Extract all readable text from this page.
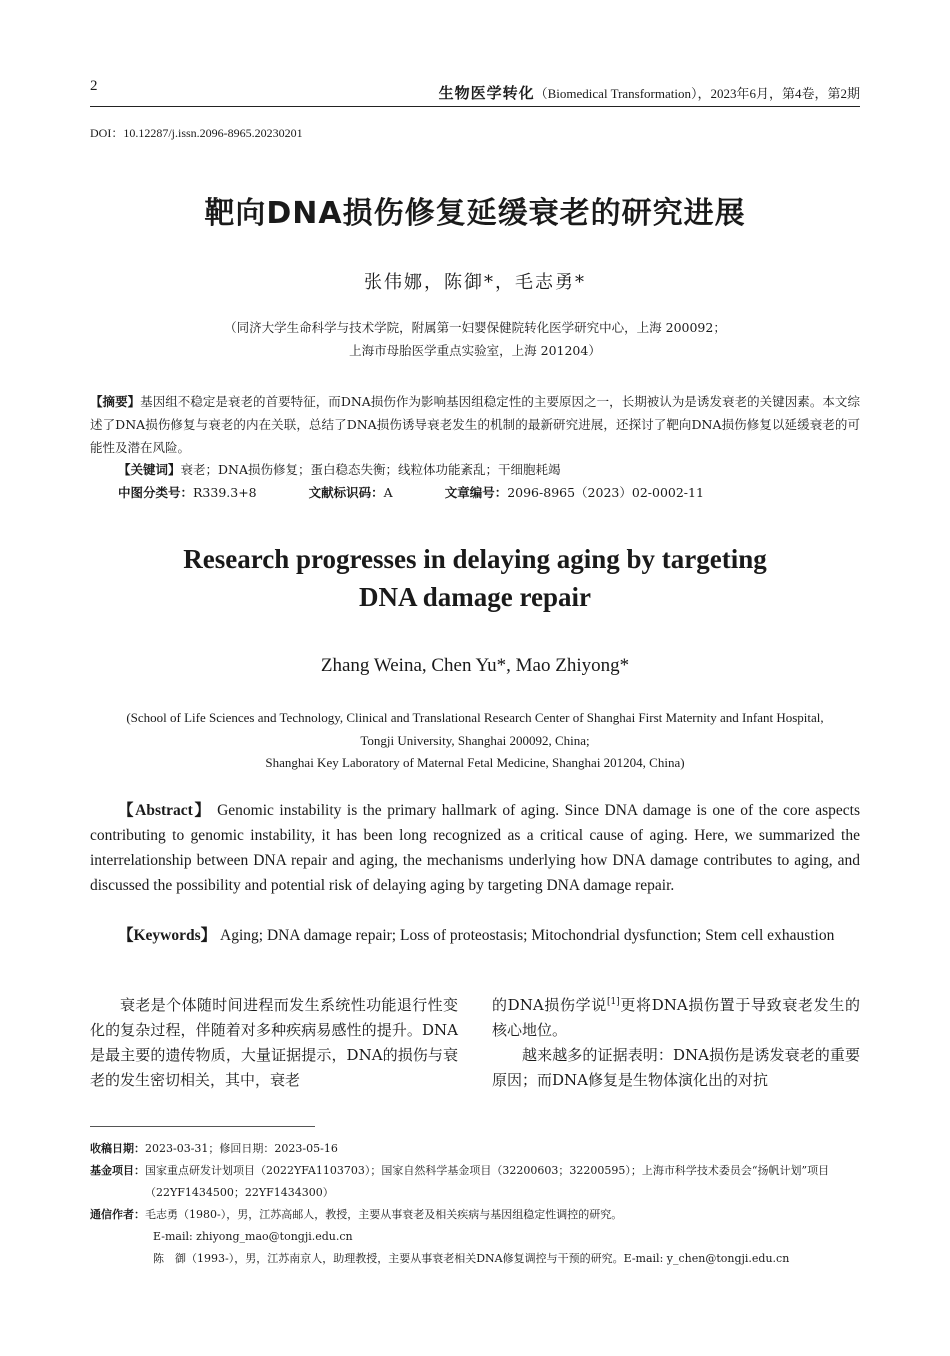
2	生物医学转化（Biomedical Transformation），2023年6月，第4卷，第2期
DOI：10.12287/j.issn.2096-8965.20230201
靶向DNA损伤修复延缓衰老的研究进展
张伟娜，陈御*，毛志勇*
（同济大学生命科学与技术学院，附属第一妇婴保健院转化医学研究中心，上海 200092；
上海市母胎医学重点实验室，上海 201204）
【摘要】基因组不稳定是衰老的首要特征，而DNA损伤作为影响基因组稳定性的主要原因之一，长期被认为是诱发衰老的关键因素。本文综述了DNA损伤修复与衰老的内在关联，总结了DNA损伤诱导衰老发生的机制的最新研究进展，还探讨了靶向DNA损伤修复以延缓衰老的可能性及潜在风险。
【关键词】衰老；DNA损伤修复；蛋白稳态失衡；线粒体功能紊乱；干细胞耗竭
中图分类号：R339.3+8	文献标识码：A	文章编号：2096-8965（2023）02-0002-11
Research progresses in delaying aging by targeting
DNA damage repair
Zhang Weina, Chen Yu*, Mao Zhiyong*
(School of Life Sciences and Technology, Clinical and Translational Research Center of Shanghai First Maternity and Infant Hospital,
Tongji University, Shanghai 200092, China;
Shanghai Key Laboratory of Maternal Fetal Medicine, Shanghai 201204, China)
【Abstract】 Genomic instability is the primary hallmark of aging. Since DNA damage is one of the core aspects contributing to genomic instability, it has been long recognized as a critical cause of aging. Here, we summarized the interrelationship between DNA repair and aging, the mechanisms underlying how DNA damage contributes to aging, and discussed the possibility and potential risk of delaying aging by targeting DNA damage repair.
【Keywords】 Aging; DNA damage repair; Loss of proteostasis; Mitochondrial dysfunction; Stem cell exhaustion

衰老是个体随时间进程而发生系统性功能退行性变化的复杂过程，伴随着对多种疾病易感性的提升。DNA是最主要的遗传物质，大量证据提示，DNA的损伤与衰老的发生密切相关，其中，衰老

的DNA损伤学说[1]更将DNA损伤置于导致衰老发生的核心地位。

越来越多的证据表明：DNA损伤是诱发衰老的重要原因；而DNA修复是生物体演化出的对抗

收稿日期： 2023-03-31；修回日期：2023-05-16
基金项目： 国家重点研发计划项目（2022YFA1103703）；国家自然科学基金项目（32200603；32200595）；上海市科学技术委员会“扬帆计划”项目（22YF1434500；22YF1434300）
通信作者： 毛志勇（1980-），男，江苏高邮人，教授，主要从事衰老及相关疾病与基因组稳定性调控的研究。
E-mail: zhiyong_mao@tongji.edu.cn
陈　御（1993-），男，江苏南京人，助理教授，主要从事衰老相关DNA修复调控与干预的研究。E-mail: y_chen@tongji.edu.cn
